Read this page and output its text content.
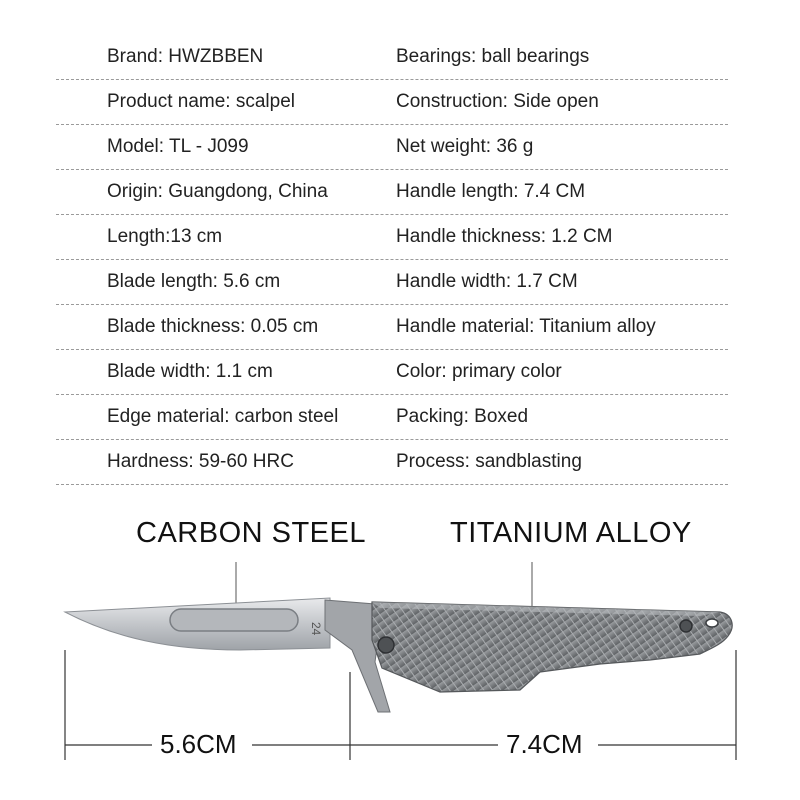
Brand: HWZBBEN	Bearings: ball bearings
Product name: scalpel	Construction: Side open
Model: TL - J099	Net weight: 36 g
Origin: Guangdong, China	Handle length: 7.4 CM
Length:13 cm	Handle thickness: 1.2 CM
Blade length: 5.6 cm	Handle width: 1.7 CM
Blade thickness: 0.05 cm	Handle material: Titanium alloy
Blade width: 1.1 cm	Color: primary color
Edge material: carbon steel	Packing: Boxed
Hardness: 59-60 HRC	Process: sandblasting
24
CARBON STEEL	TITANIUM ALLOY
5.6CM	7.4CM
